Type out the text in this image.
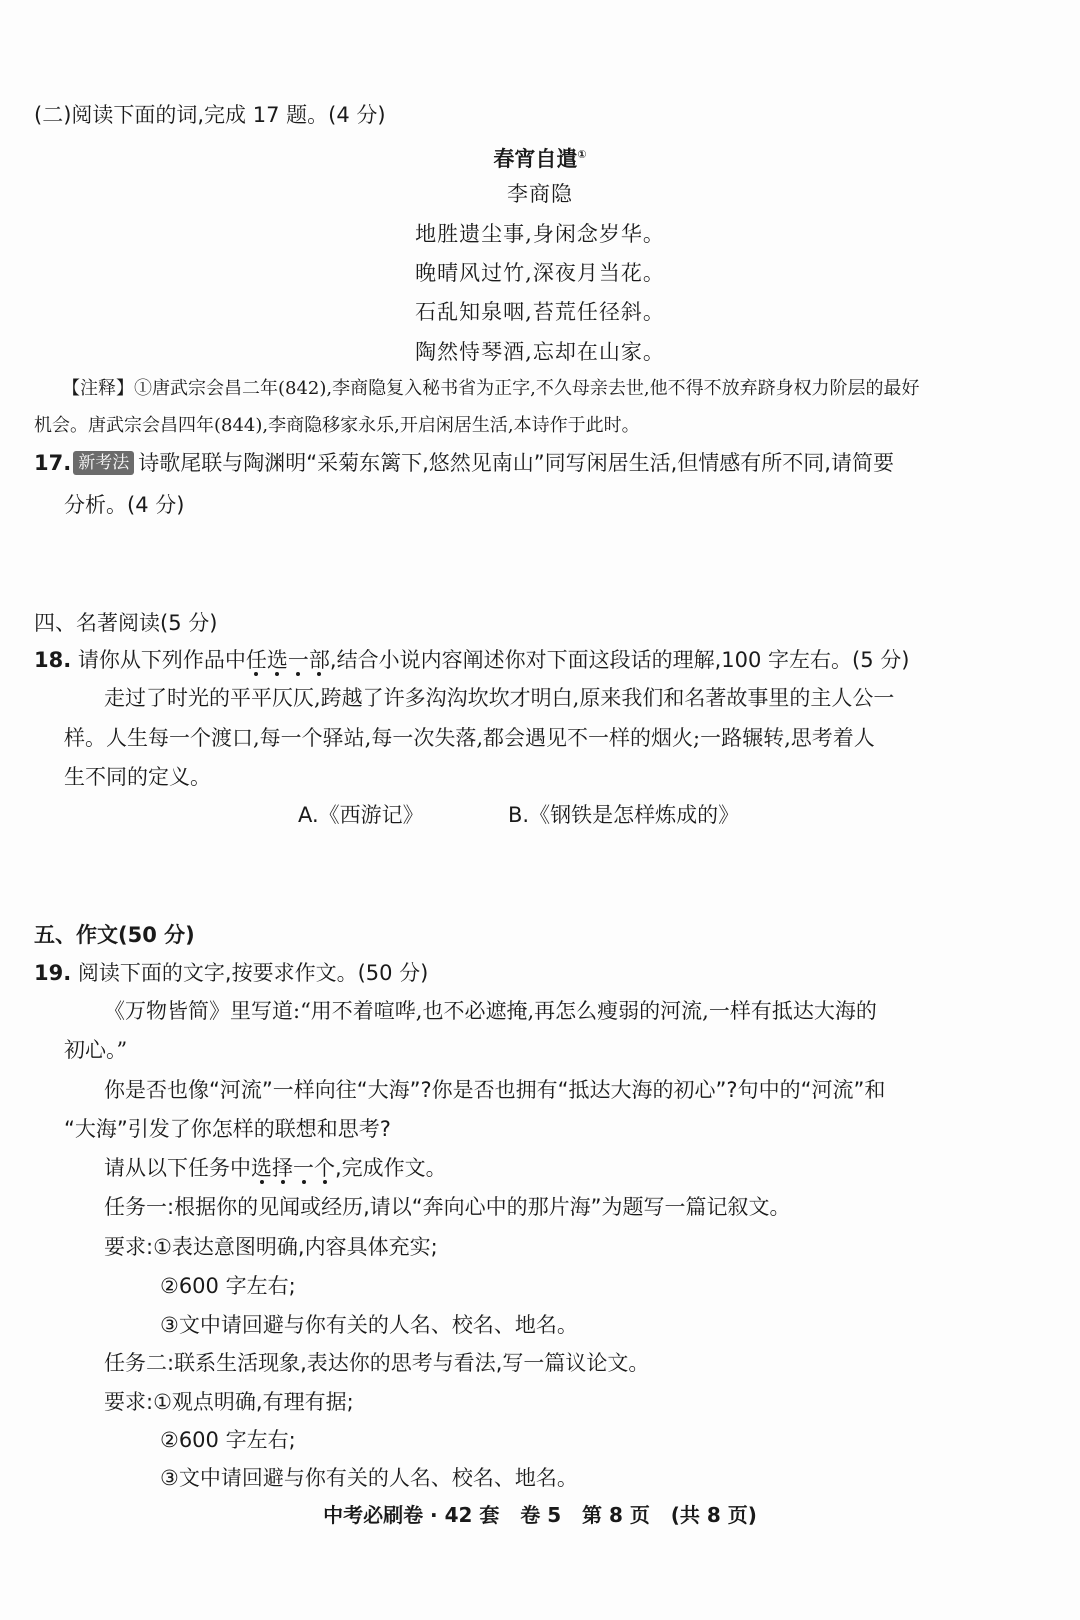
(二)阅读下面的词,完成 17 题。(4 分)
春宵自遣①
李商隐
地胜遗尘事,身闲念岁华。
晚晴风过竹,深夜月当花。
石乱知泉咽,苔荒任径斜。
陶然恃琴酒,忘却在山家。
【注释】①唐武宗会昌二年(842),李商隐复入秘书省为正字,不久母亲去世,他不得不放弃跻身权力阶层的最好
机会。唐武宗会昌四年(844),李商隐移家永乐,开启闲居生活,本诗作于此时。
17. 新考法 诗歌尾联与陶渊明“采菊东篱下,悠然见南山”同写闲居生活,但情感有所不同,请简要
分析。(4 分)
四、名著阅读(5 分)
18. 请你从下列作品中任选一部,结合小说内容阐述你对下面这段话的理解,100 字左右。(5 分)
走过了时光的平平仄仄,跨越了许多沟沟坎坎才明白,原来我们和名著故事里的主人公一
样。人生每一个渡口,每一个驿站,每一次失落,都会遇见不一样的烟火;一路辗转,思考着人
生不同的定义。
A.《西游记》	B.《钢铁是怎样炼成的》
五、作文(50 分)
19. 阅读下面的文字,按要求作文。(50 分)
《万物皆简》里写道:“用不着喧哗,也不必遮掩,再怎么瘦弱的河流,一样有抵达大海的
初心。”
你是否也像“河流”一样向往“大海”?你是否也拥有“抵达大海的初心”?句中的“河流”和
“大海”引发了你怎样的联想和思考?
请从以下任务中选择一个,完成作文。
任务一:根据你的见闻或经历,请以“奔向心中的那片海”为题写一篇记叙文。
要求:①表达意图明确,内容具体充实;
②600 字左右;
③文中请回避与你有关的人名、校名、地名。
任务二:联系生活现象,表达你的思考与看法,写一篇议论文。
要求:①观点明确,有理有据;
②600 字左右;
③文中请回避与你有关的人名、校名、地名。
中考必刷卷 · 42 套   卷 5   第 8 页   (共 8 页)
